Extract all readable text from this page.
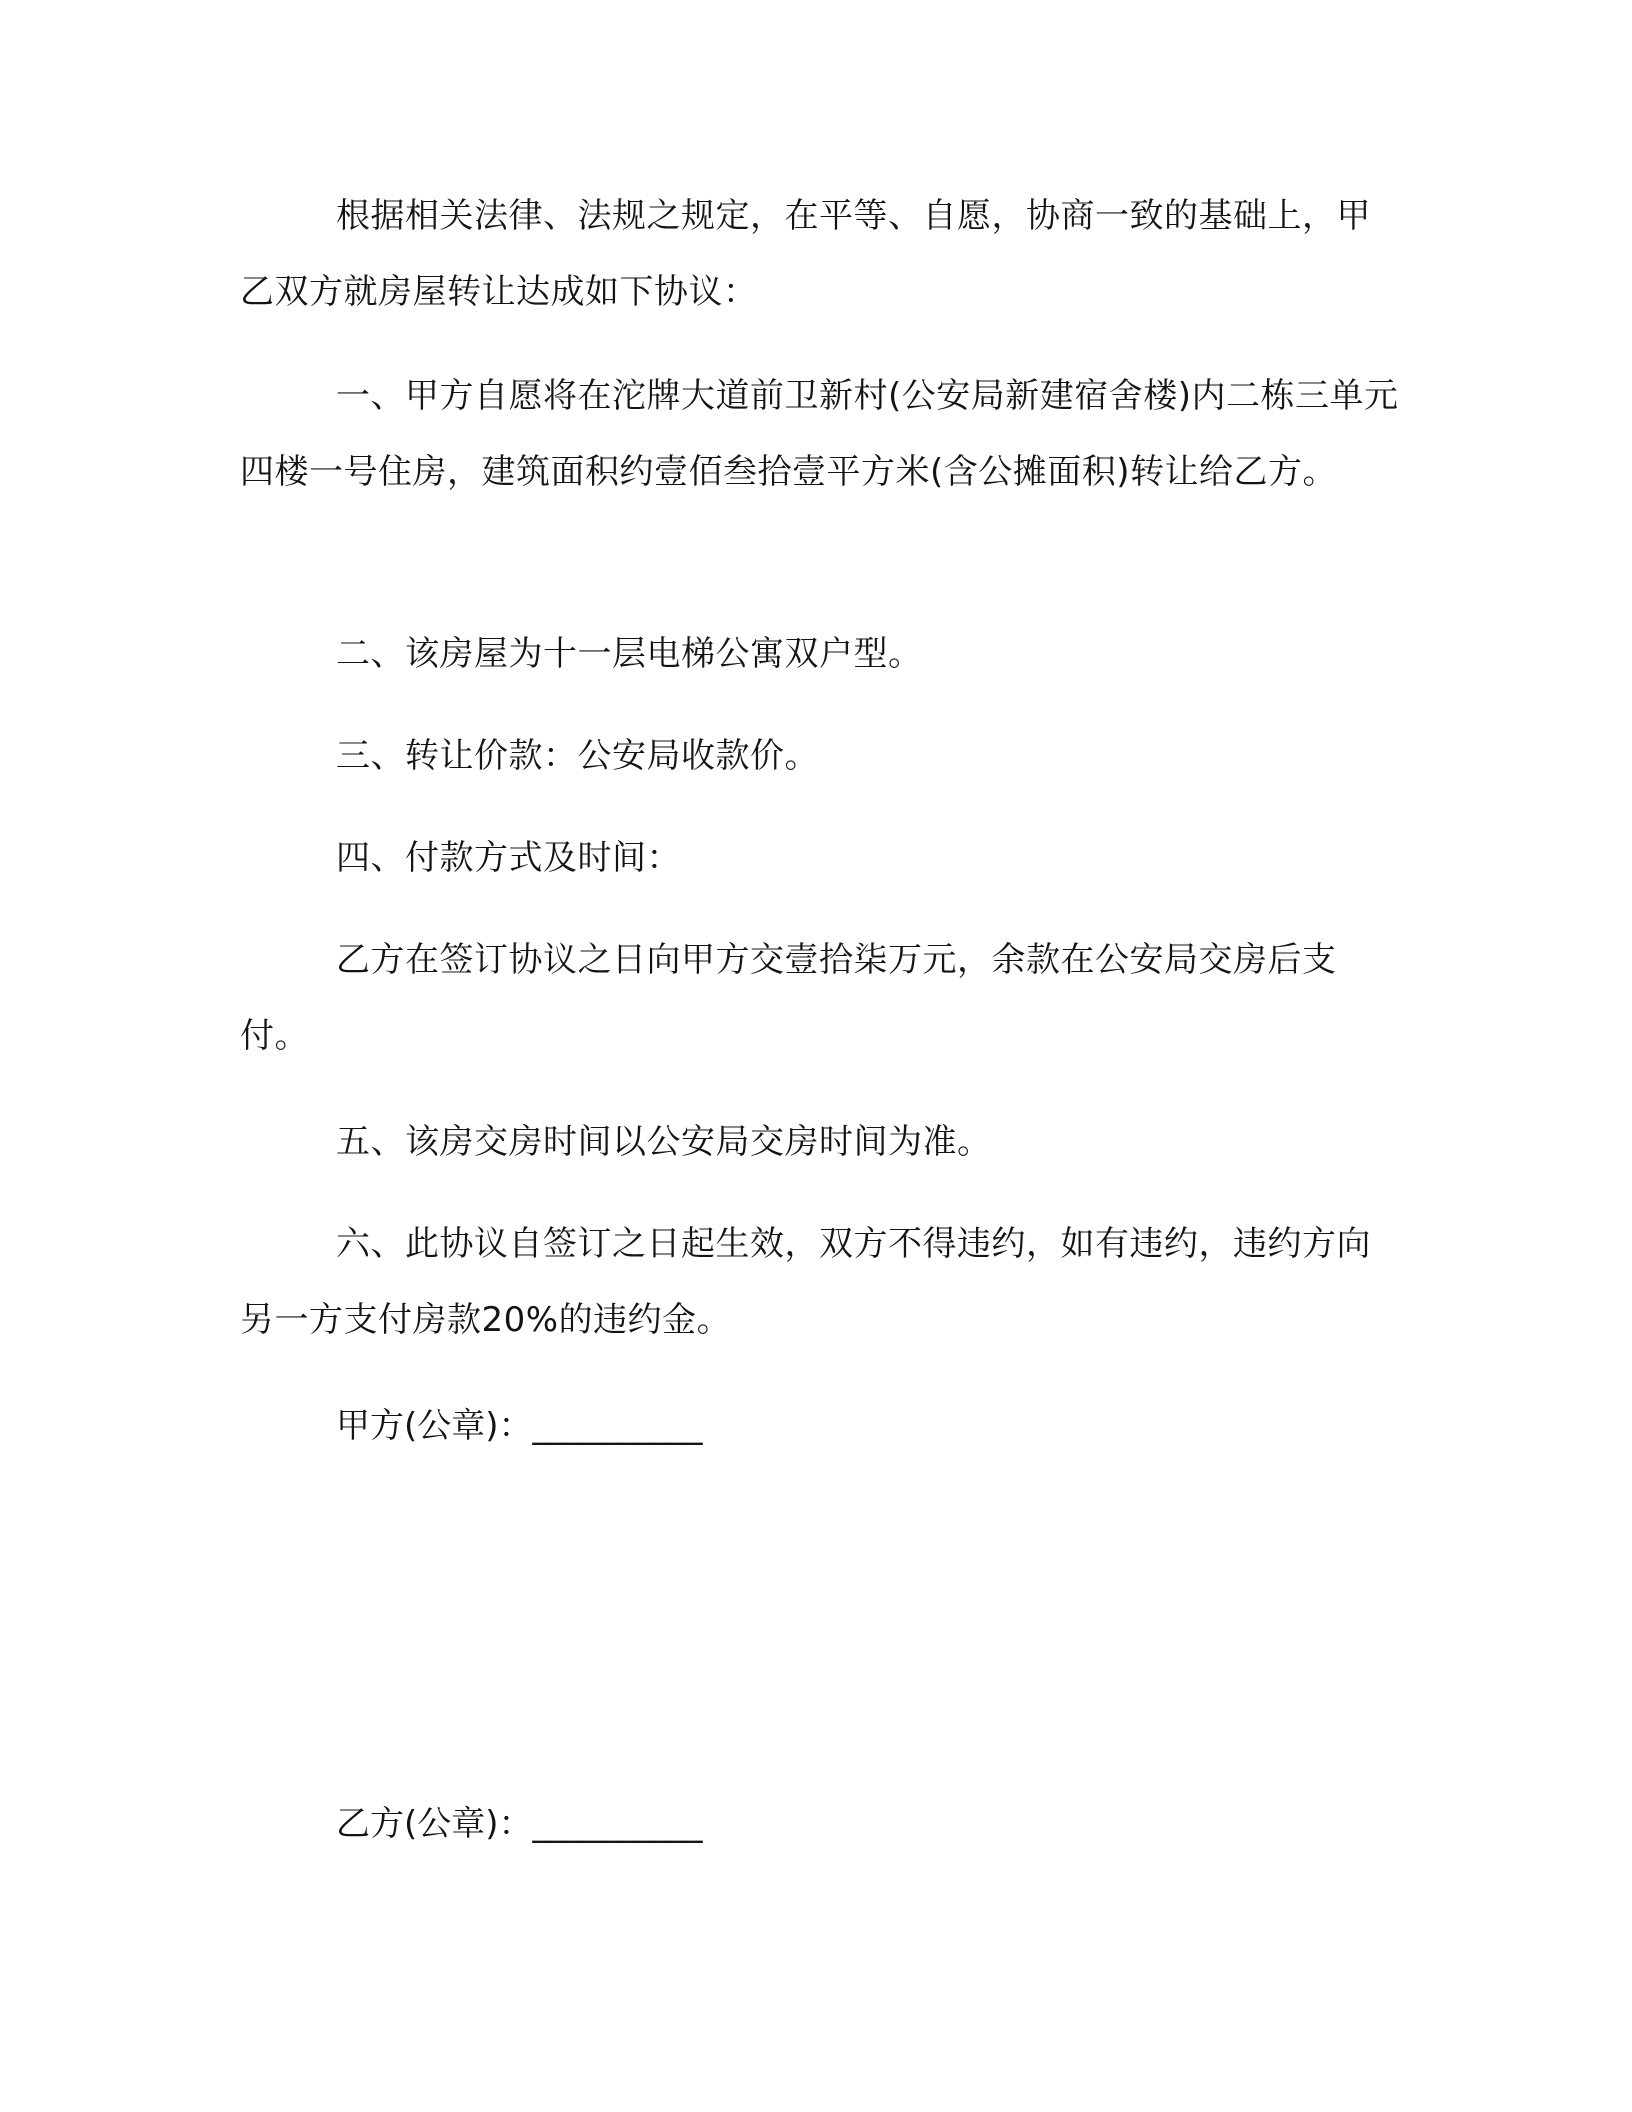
根据相关法律、法规之规定，在平等、自愿，协商一致的基础上，甲乙双方就房屋转让达成如下协议：

一、甲方自愿将在沱牌大道前卫新村(公安局新建宿舍楼)内二栋三单元四楼一号住房，建筑面积约壹佰叁拾壹平方米(含公摊面积)转让给乙方。

二、该房屋为十一层电梯公寓双户型。

三、转让价款：公安局收款价。

四、付款方式及时间：

乙方在签订协议之日向甲方交壹拾柒万元，余款在公安局交房后支付。

五、该房交房时间以公安局交房时间为准。

六、此协议自签订之日起生效，双方不得违约，如有违约，违约方向另一方支付房款20%的违约金。

甲方(公章)：__________
乙方(公章)：__________
